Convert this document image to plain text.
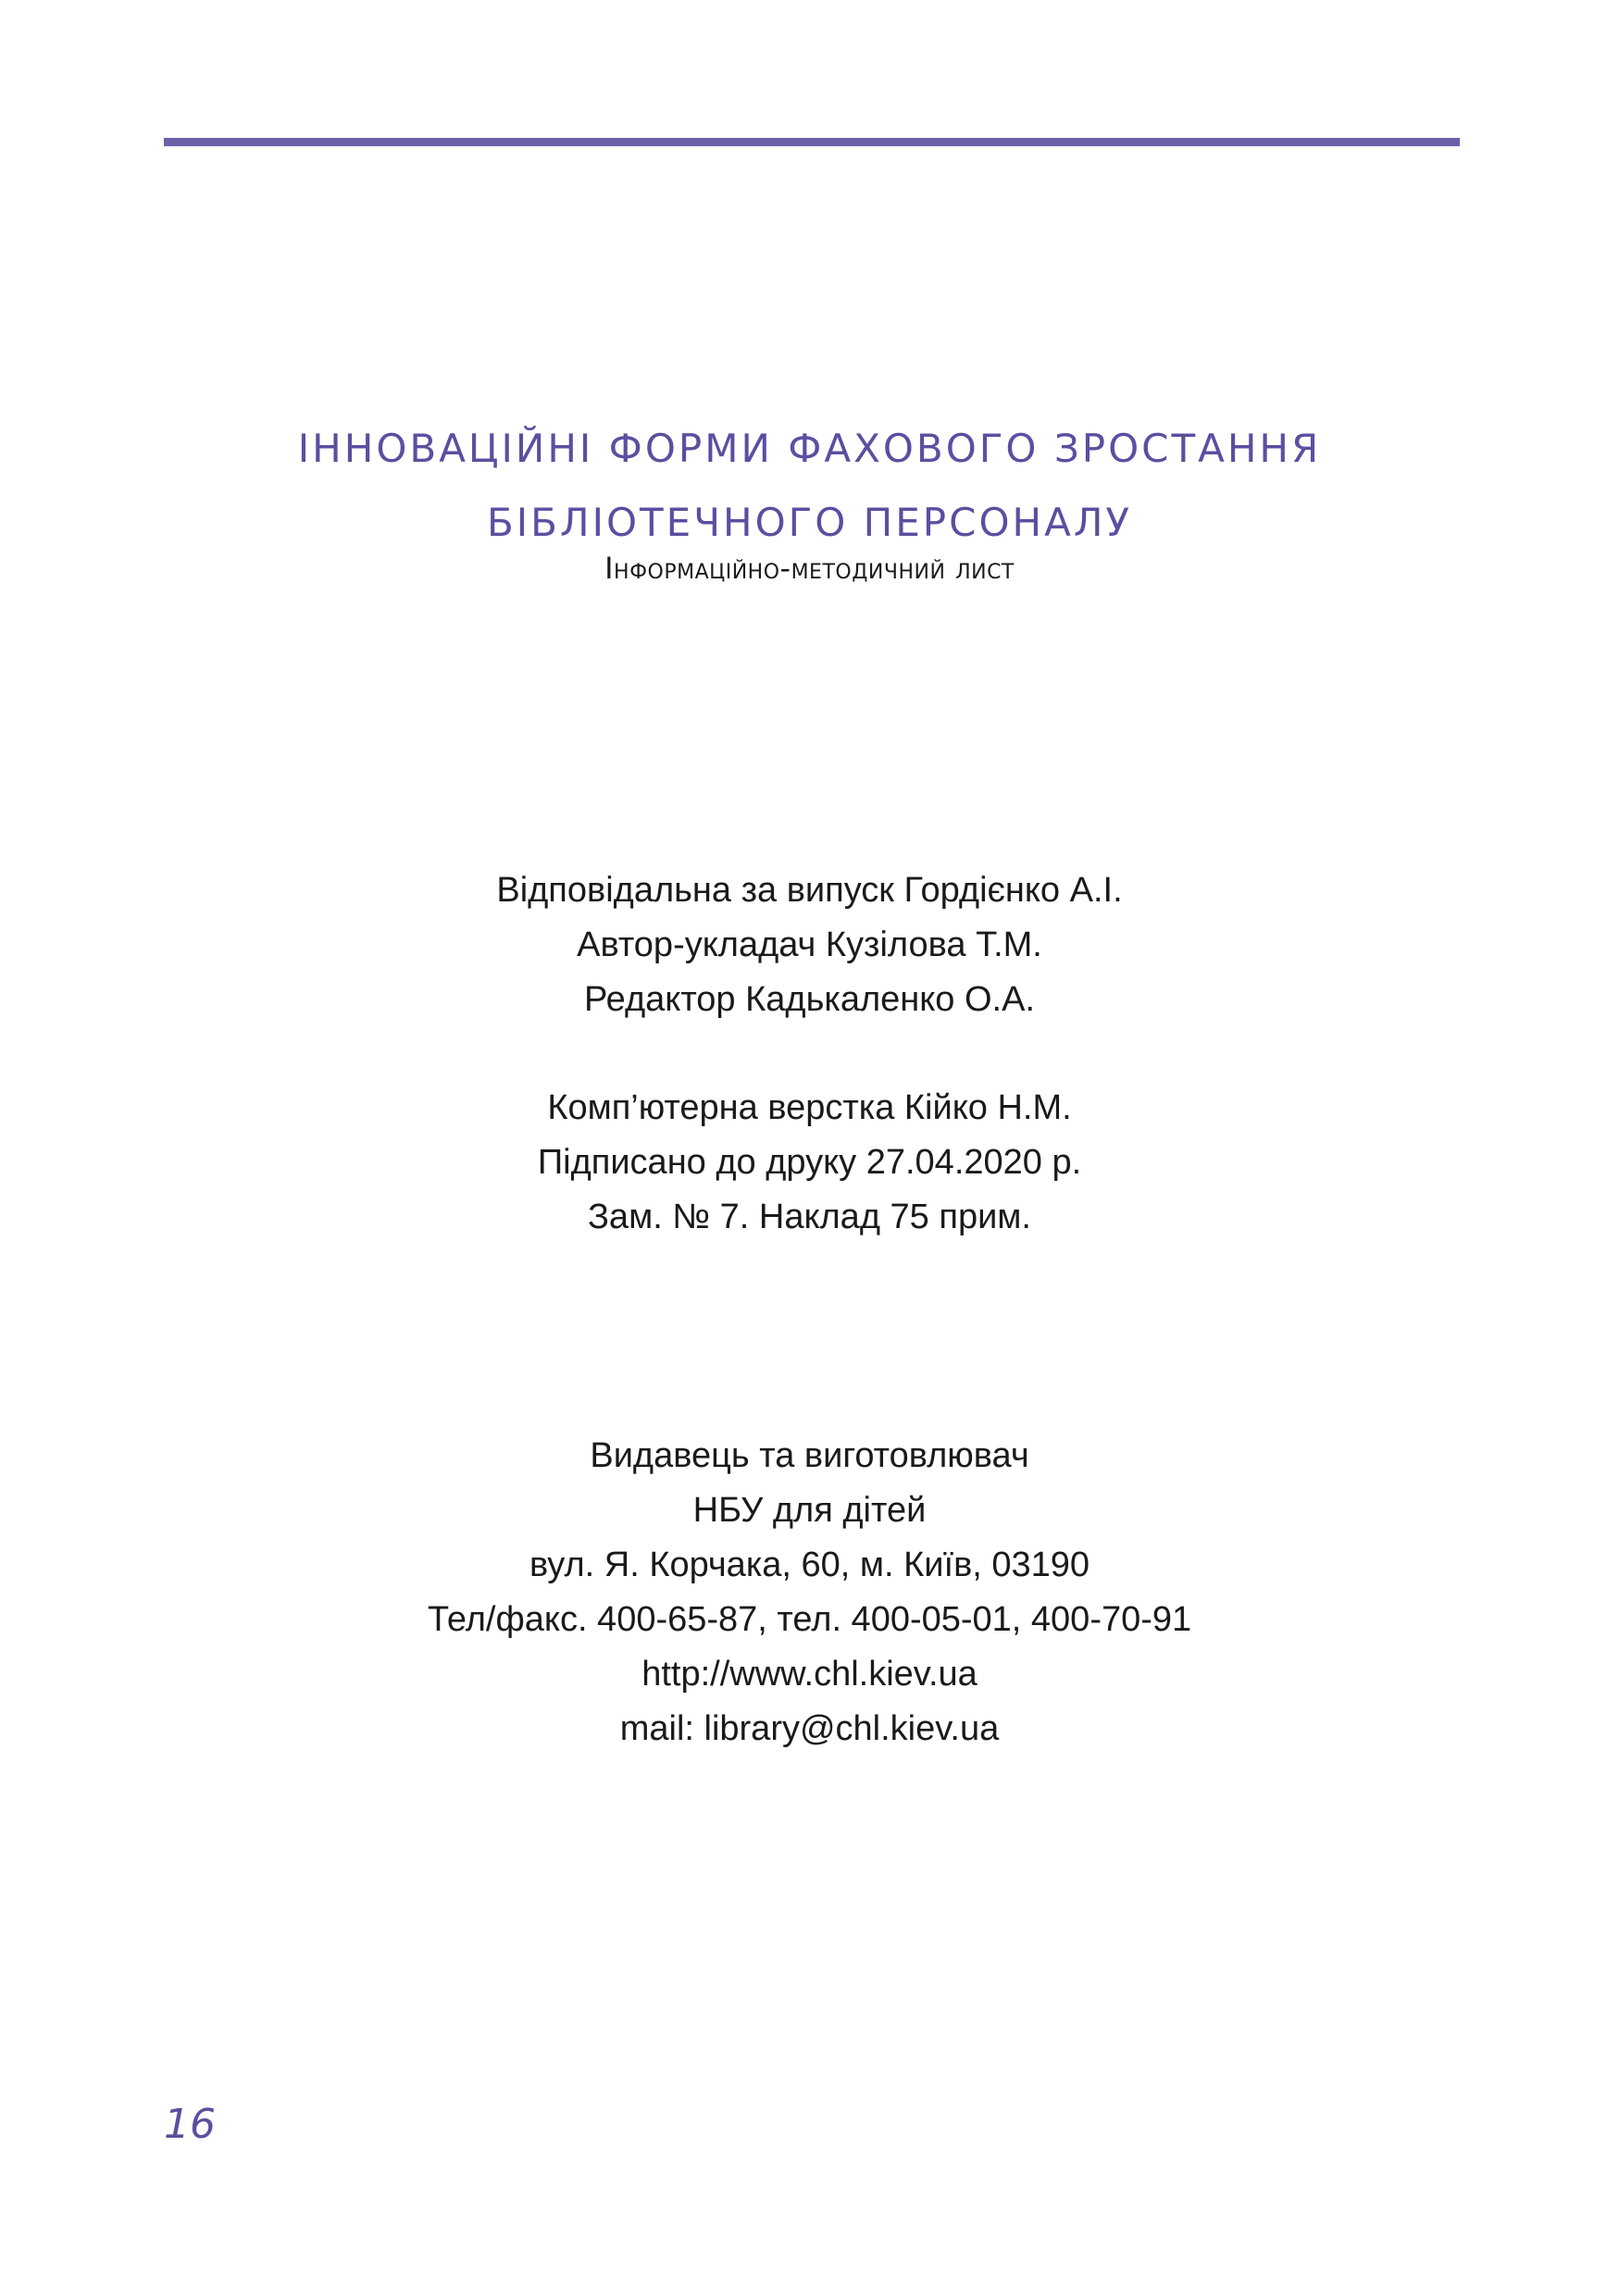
ІННОВАЦІЙНІ ФОРМИ ФАХОВОГО ЗРОСТАННЯ
БІБЛІОТЕЧНОГО ПЕРСОНАЛУ
Інформаційно-методичний лист
Відповідальна за випуск Гордієнко А.І.
Автор-укладач Кузілова Т.М.
Редактор Кадькаленко О.А.
Комп’ютерна верстка Кійко Н.М.
Підписано до друку 27.04.2020 р.
Зам. № 7. Наклад 75 прим.
Видавець та виготовлювач
НБУ для дітей
вул. Я. Корчака, 60, м. Київ, 03190
Тел/факс. 400-65-87, тел. 400-05-01, 400-70-91
http://www.chl.kiev.ua
mail: library@chl.kiev.ua
16
